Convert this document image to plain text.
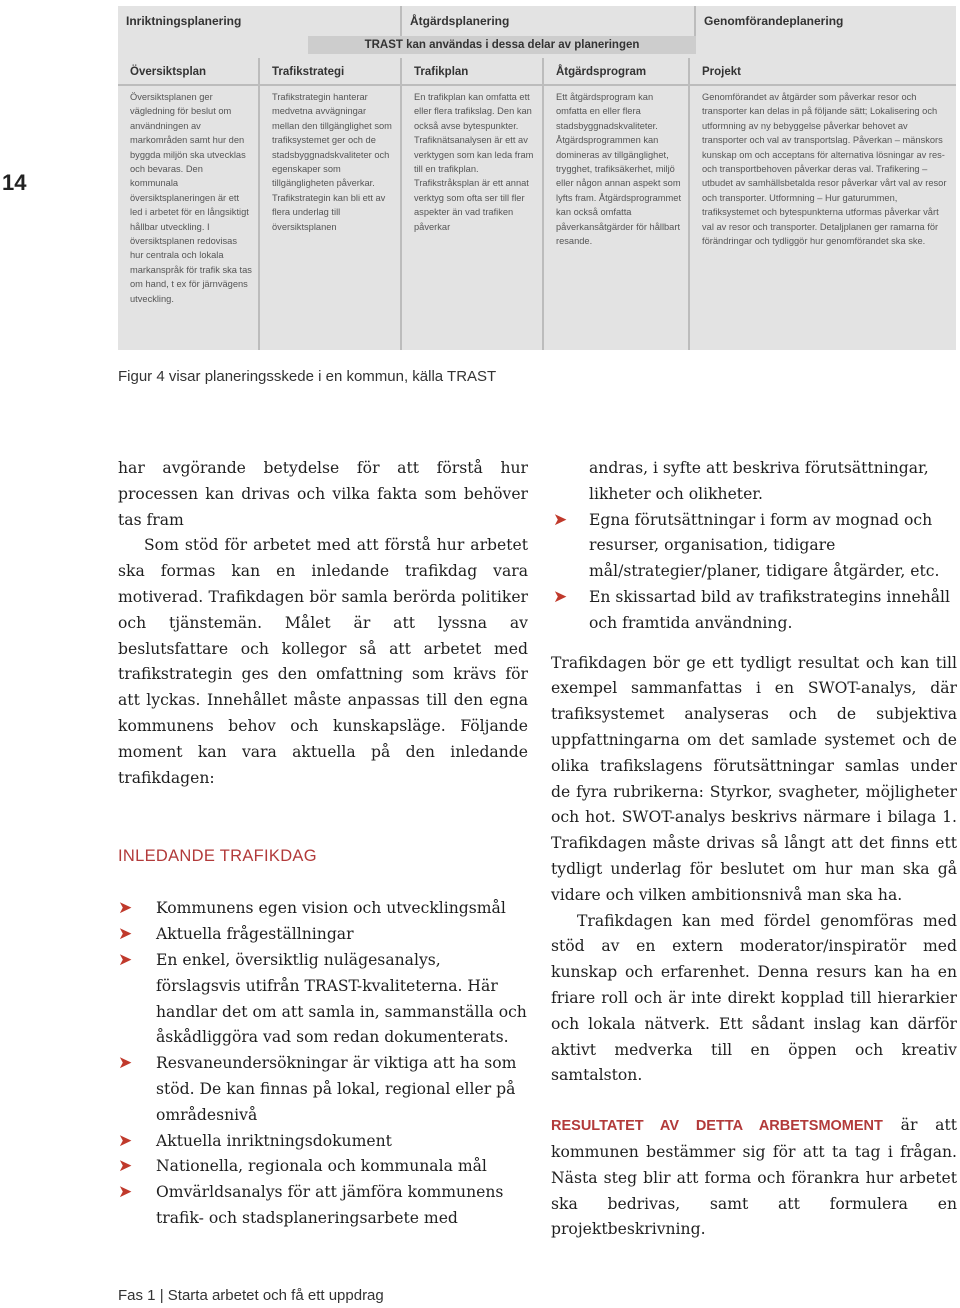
14
Inriktningsplanering	Åtgärdsplanering	Genomförandeplanering
TRAST kan användas i dessa delar av planeringen
Översiktsplan	Trafikstrategi	Trafikplan	Åtgärdsprogram	Projekt
Översiktsplanen ger vägledning för beslut om användningen av markområden samt hur den byggda miljön ska utvecklas och bevaras. Den kommunala översiktsplaneringen är ett led i arbetet för en långsiktigt hållbar utveckling. I översiktsplanen redovisas hur centrala och lokala markanspråk för trafik ska tas om hand, t ex för järnvägens utveckling.
Trafikstrategin hanterar medvetna avvägningar mellan den tillgänglighet som trafiksystemet ger och de stadsbyggnadskvaliteter och egenskaper som tillgängligheten påverkar. Trafikstrategin kan bli ett av flera underlag till översiktsplanen
En trafikplan kan omfatta ett eller flera trafikslag. Den kan också avse bytespunkter. Trafiknätsanalysen är ett av verktygen som kan leda fram till en trafikplan. Trafikstråksplan är ett annat verktyg som ofta ser till fler aspekter än vad trafiken påverkar
Ett åtgärdsprogram kan omfatta en eller flera stadsbyggnadskvaliteter. Åtgärdsprogrammen kan domineras av tillgänglighet, trygghet, trafiksäkerhet, miljö eller någon annan aspekt som lyfts fram. Åtgärdsprogrammet kan också omfatta påverkansåtgärder för hållbart resande.
Genomförandet av åtgärder som påverkar resor och transporter kan delas in på följande sätt; Lokalisering och utformning av ny bebyggelse påverkar behovet av transporter och val av transportslag. Påverkan – mänskors kunskap om och acceptans för alternativa lösningar av res- och transportbehoven påverkar deras val. Trafikering – utbudet av samhällsbetalda resor påverkar vårt val av resor och transporter. Utformning – Hur gaturummen, trafiksystemet och bytespunkterna utformas påverkar vårt val av resor och transporter. Detaljplanen ger ramarna för förändringar och tydliggör hur genomförandet ska ske.
Figur 4 visar planeringsskede i en kommun, källa TRAST

har avgörande betydelse för att förstå hur processen kan drivas och vilka fakta som behöver tas fram

Som stöd för arbetet med att förstå hur arbetet ska formas kan en inledande trafikdag vara motiverad. Trafikdagen bör samla berörda politiker och tjänstemän. Målet är att lyssna av beslutsfattare och kollegor så att arbetet med trafikstrategin ges den omfattning som krävs för att lyckas. Innehållet måste anpassas till den egna kommunens behov och kunskapsläge. Följande moment kan vara aktuella på den inledande trafikdagen:

INLEDANDE TRAFIKDAG
➤ Kommunens egen vision och utvecklingsmål
➤ Aktuella frågeställningar
➤ En enkel, översiktlig nulägesanalys, förslagsvis utifrån TRAST-kvaliteterna. Här handlar det om att samla in, sammanställa och åskådliggöra vad som redan dokumenterats.
➤ Resvaneundersökningar är viktiga att ha som stöd. De kan finnas på lokal, regional eller på områdesnivå
➤ Aktuella inriktningsdokument
➤ Nationella, regionala och kommunala mål
➤ Omvärldsanalys för att jämföra kommunens trafik- och stadsplaneringsarbete med
andras, i syfte att beskriva förutsättningar, likheter och olikheter.
➤ Egna förutsättningar i form av mognad och resurser, organisation, tidigare mål/strategier/planer, tidigare åtgärder, etc.
➤ En skissartad bild av trafikstrategins innehåll och framtida användning.

Trafikdagen bör ge ett tydligt resultat och kan till exempel sammanfattas i en SWOT-analys, där trafiksystemet analyseras och de subjektiva uppfattningarna om det samlade systemet och de olika trafikslagens förutsättningar samlas under de fyra rubrikerna: Styrkor, svagheter, möjligheter och hot. SWOT-analys beskrivs närmare i bilaga 1. Trafikdagen måste drivas så långt att det finns ett tydligt underlag för beslutet om hur man ska gå vidare och vilken ambitionsnivå man ska ha.

Trafikdagen kan med fördel genomföras med stöd av en extern moderator/inspiratör med kunskap och erfarenhet. Denna resurs kan ha en friare roll och är inte direkt kopplad till hierarkier och lokala nätverk. Ett sådant inslag kan därför aktivt medverka till en öppen och kreativ samtalston.

RESULTATET AV DETTA ARBETSMOMENT är att kommunen bestämmer sig för att ta tag i frågan. Nästa steg blir att forma och förankra hur arbetet ska bedrivas, samt att formulera en projektbeskrivning.

Fas 1 | Starta arbetet och få ett uppdrag
